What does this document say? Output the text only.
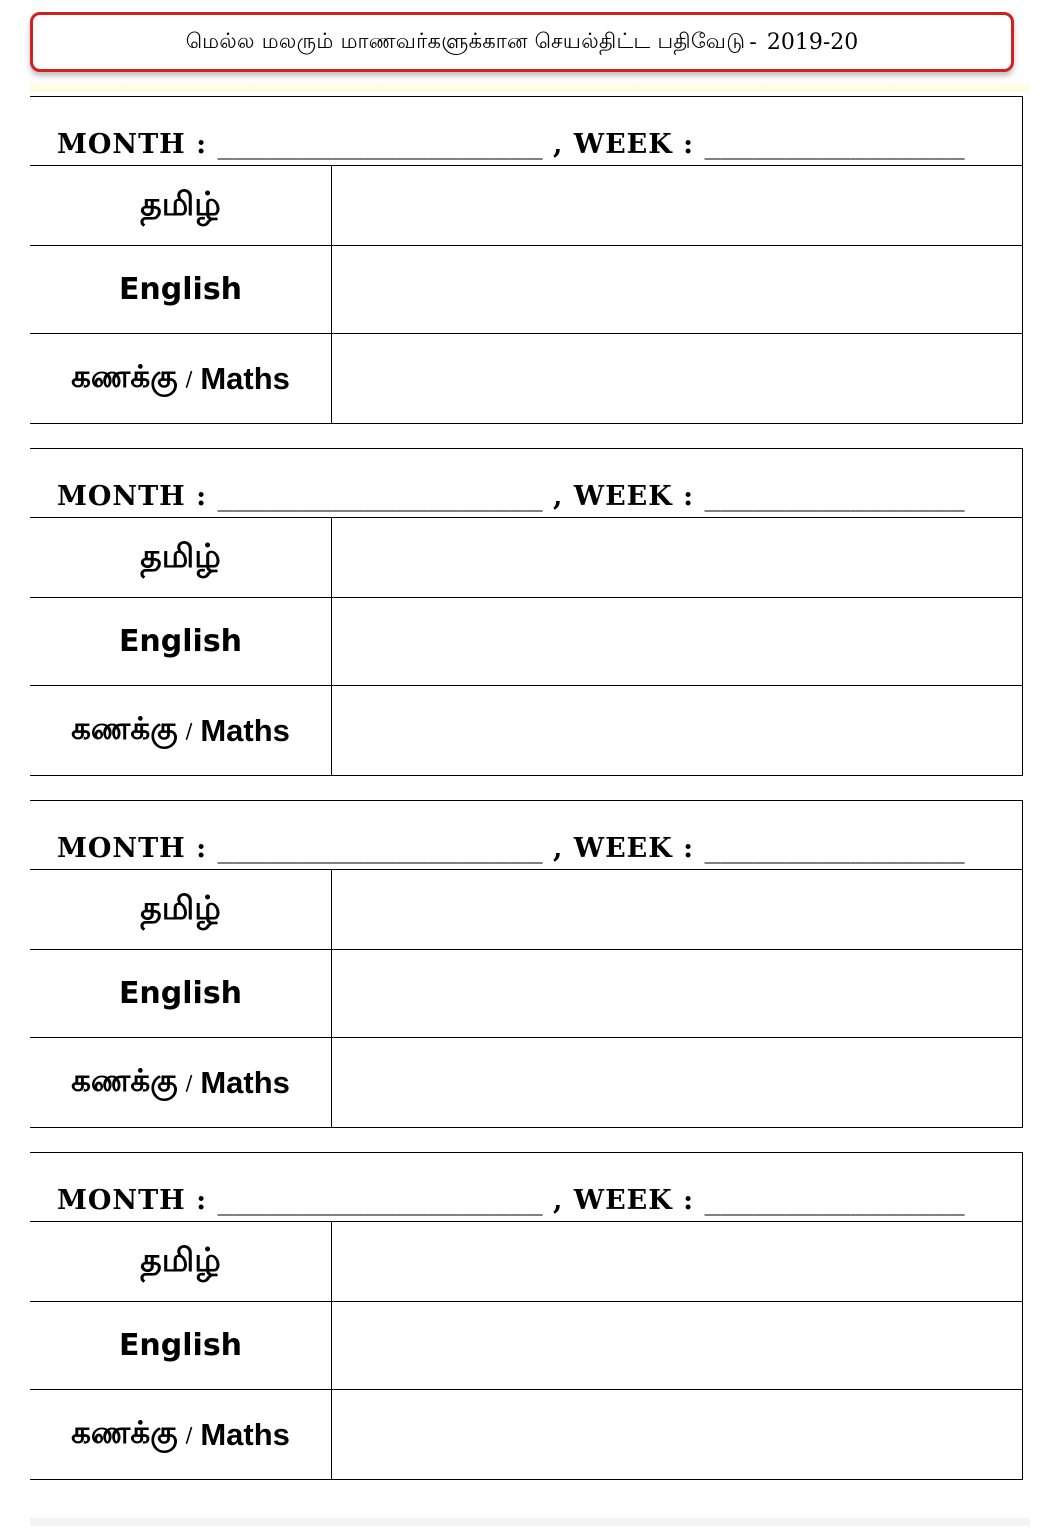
மெல்ல மலரும் மாணவர்களுக்கான செயல்திட்ட பதிவேடு - 2019-20
MONTH : ____________________ , WEEK : ________________
தமிழ்
English
கணக்கு / Maths
MONTH : ____________________ , WEEK : ________________
தமிழ்
English
கணக்கு / Maths
MONTH : ____________________ , WEEK : ________________
தமிழ்
English
கணக்கு / Maths
MONTH : ____________________ , WEEK : ________________
தமிழ்
English
கணக்கு / Maths
